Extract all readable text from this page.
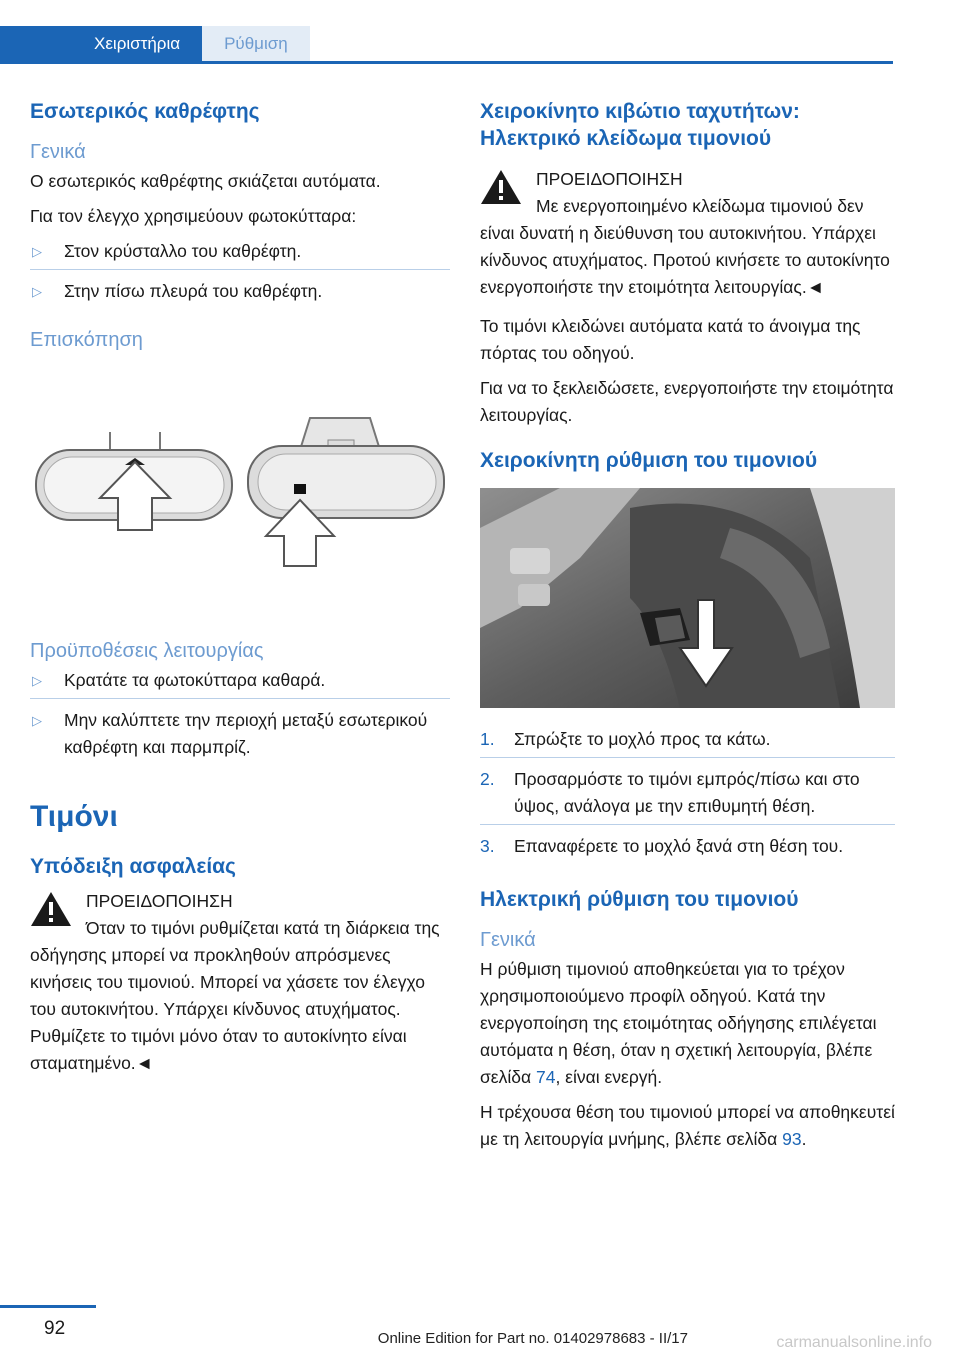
Χειριστήρια	Ρύθμιση
Εσωτερικός καθρέφτης
Γενικά

Ο εσωτερικός καθρέφτης σκιάζεται αυτόματα.

Για τον έλεγχο χρησιμεύουν φωτοκύτταρα:

▷ Στον κρύσταλλο του καθρέφτη.
▷ Στην πίσω πλευρά του καθρέφτη.
Επισκόπηση
Προϋποθέσεις λειτουργίας
▷ Κρατάτε τα φωτοκύτταρα καθαρά.
▷ Μην καλύπτετε την περιοχή μεταξύ εσωτερικού καθρέφτη και παρμπρίζ.
Τιμόνι
Υπόδειξη ασφαλείας
ΠΡΟΕΙΔΟΠΟΙΗΣΗ
Όταν το τιμόνι ρυθμίζεται κατά τη διάρκεια της οδήγησης μπορεί να προκληθούν απρόσμενες κινήσεις του τιμονιού. Μπορεί να χάσετε τον έλεγχο του αυτοκινήτου. Υπάρχει κίνδυνος ατυχήματος. Ρυθμίζετε το τιμόνι μόνο όταν το αυτοκίνητο είναι σταματημένο.◄
Χειροκίνητο κιβώτιο ταχυτήτων: Ηλεκτρικό κλείδωμα τιμονιού
ΠΡΟΕΙΔΟΠΟΙΗΣΗ
Με ενεργοποιημένο κλείδωμα τιμονιού δεν είναι δυνατή η διεύθυνση του αυτοκινήτου. Υπάρχει κίνδυνος ατυχήματος. Προτού κινήσετε το αυτοκίνητο ενεργοποιήστε την ετοιμότητα λειτουργίας.◄

Το τιμόνι κλειδώνει αυτόματα κατά το άνοιγμα της πόρτας του οδηγού.

Για να το ξεκλειδώσετε, ενεργοποιήστε την ετοιμότητα λειτουργίας.

Χειροκίνητη ρύθμιση του τιμονιού
1. Σπρώξτε το μοχλό προς τα κάτω.
2. Προσαρμόστε το τιμόνι εμπρός/πίσω και στο ύψος, ανάλογα με την επιθυμητή θέση.
3. Επαναφέρετε το μοχλό ξανά στη θέση του.
Ηλεκτρική ρύθμιση του τιμονιού
Γενικά

Η ρύθμιση τιμονιού αποθηκεύεται για το τρέχον χρησιμοποιούμενο προφίλ οδηγού. Κατά την ενεργοποίηση της ετοιμότητας οδήγησης επιλέγεται αυτόματα η θέση, όταν η σχετική λειτουργία, βλέπε σελίδα 74, είναι ενεργή.

Η τρέχουσα θέση του τιμονιού μπορεί να αποθηκευτεί με τη λειτουργία μνήμης, βλέπε σελίδα 93.

92	Online Edition for Part no. 01402978683 - II/17	carmanualsonline.info
